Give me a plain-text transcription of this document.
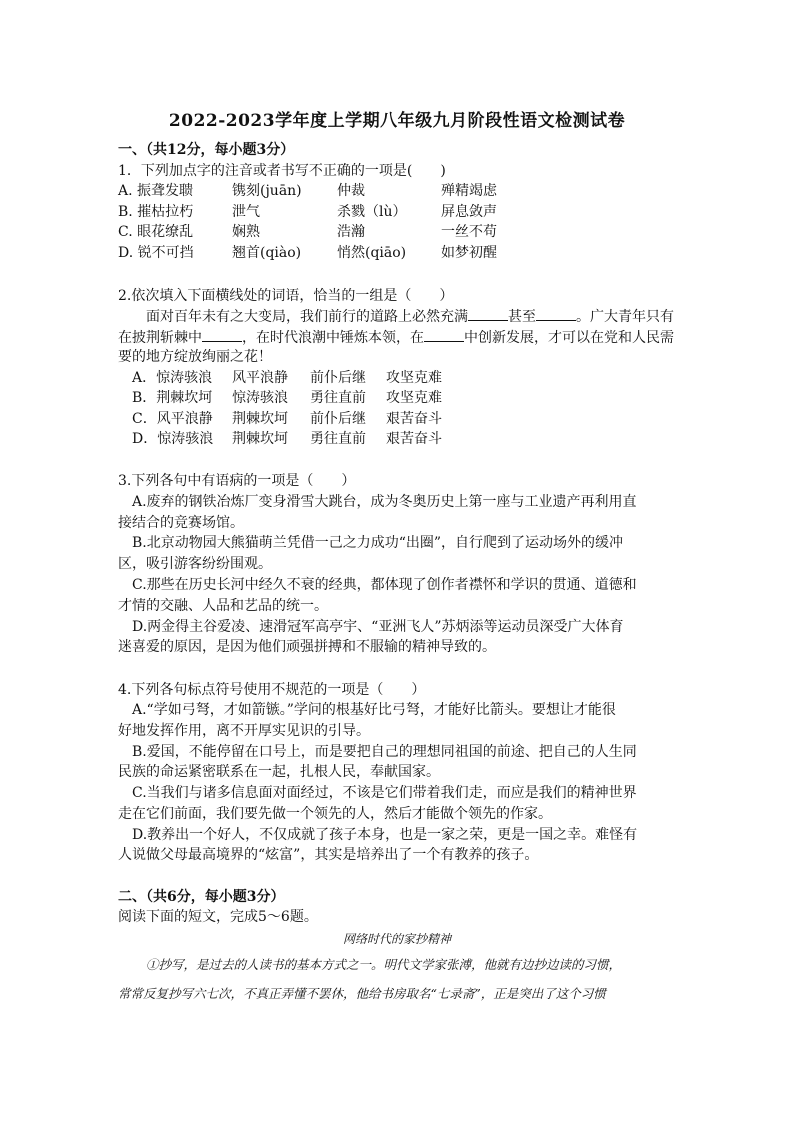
2022-2023学年度上学期八年级九月阶段性语文检测试卷
一、（共12分，每小题3分）
1．下列加点字的注音或者书写不正确的一项是(　　)
A. 振聋发聩	镌刻(juān)	仲裁	殚精竭虑
B. 摧枯拉朽	泄气	杀戮（lù） 屏息敛声
C. 眼花缭乱	娴熟	浩瀚	一丝不苟
D. 锐不可挡	翘首(qiào)	悄然(qiāo) 如梦初醒
2.依次填入下面横线处的词语，恰当的一组是（　　）
面对百年未有之大变局，我们前行的道路上必然充满	甚至	。广大青年只有
在披荆斩棘中	，在时代浪潮中锤炼本领，在	中创新发展，才可以在党和人民需
要的地方绽放绚丽之花！
A．惊涛骇浪 风平浪静 前仆后继 攻坚克难
B．荆棘坎坷 惊涛骇浪 勇往直前 攻坚克难
C．风平浪静 荆棘坎坷 前仆后继 艰苦奋斗
D．惊涛骇浪 荆棘坎坷 勇往直前 艰苦奋斗
3.下列各句中有语病的一项是（　　）
A.废弃的钢铁冶炼厂变身滑雪大跳台，成为冬奥历史上第一座与工业遗产再利用直
接结合的竞赛场馆。
B.北京动物园大熊猫萌兰凭借一己之力成功“出圈”，自行爬到了运动场外的缓冲
区，吸引游客纷纷围观。
C.那些在历史长河中经久不衰的经典，都体现了创作者襟怀和学识的贯通、道德和
才情的交融、人品和艺品的统一。
D.两金得主谷爱凌、速滑冠军高亭宇、“亚洲飞人”苏炳添等运动员深受广大体育
迷喜爱的原因，是因为他们顽强拼搏和不服输的精神导致的。
4.下列各句标点符号使用不规范的一项是（　　）
A.“学如弓弩，才如箭镞。”学问的根基好比弓弩，才能好比箭头。要想让才能很
好地发挥作用，离不开厚实见识的引导。
B.爱国，不能停留在口号上，而是要把自己的理想同祖国的前途、把自己的人生同
民族的命运紧密联系在一起，扎根人民，奉献国家。
C.当我们与诸多信息面对面经过，不该是它们带着我们走，而应是我们的精神世界
走在它们前面，我们要先做一个领先的人，然后才能做个领先的作家。
D.教养出一个好人，不仅成就了孩子本身，也是一家之荣，更是一国之幸。难怪有
人说做父母最高境界的“炫富”，其实是培养出了一个有教养的孩子。
二、（共6分，每小题3分）
阅读下面的短文，完成5～6题。
网络时代的家抄精神
①抄写，是过去的人读书的基本方式之一。明代文学家张溥，他就有边抄边读的习惯，
常常反复抄写六七次，不真正弄懂不罢休，他给书房取名“七录斋”，正是突出了这个习惯
